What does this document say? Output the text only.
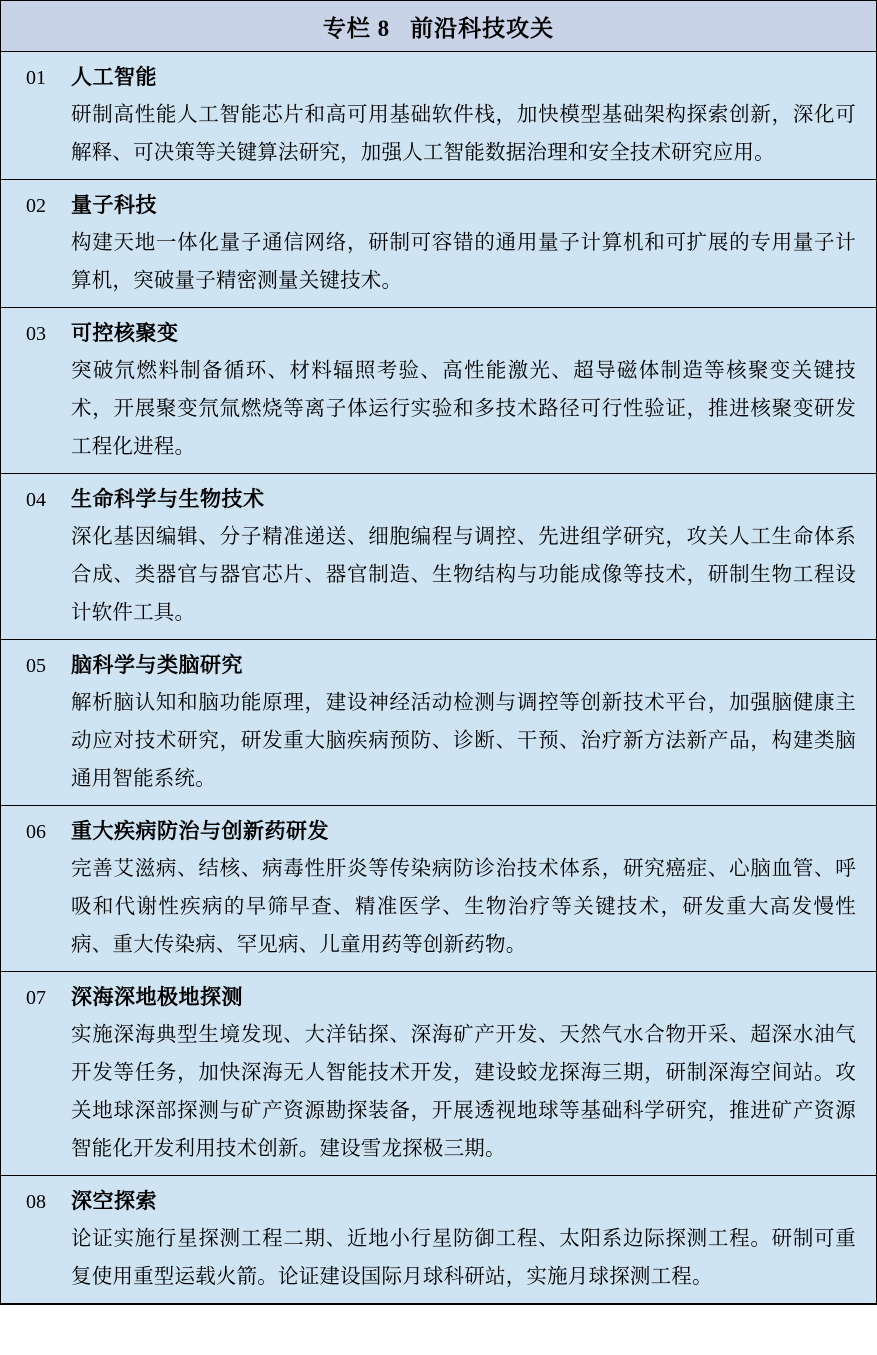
专栏 8 前沿科技攻关
01	人工智能
研制高性能人工智能芯片和高可用基础软件栈，加快模型基础架构探索创新，深化可解释、可决策等关键算法研究，加强人工智能数据治理和安全技术研究应用。
02	量子科技
构建天地一体化量子通信网络，研制可容错的通用量子计算机和可扩展的专用量子计算机，突破量子精密测量关键技术。
03	可控核聚变
突破氘燃料制备循环、材料辐照考验、高性能激光、超导磁体制造等核聚变关键技术，开展聚变氘氚燃烧等离子体运行实验和多技术路径可行性验证，推进核聚变研发工程化进程。
04	生命科学与生物技术
深化基因编辑、分子精准递送、细胞编程与调控、先进组学研究，攻关人工生命体系合成、类器官与器官芯片、器官制造、生物结构与功能成像等技术，研制生物工程设计软件工具。
05	脑科学与类脑研究
解析脑认知和脑功能原理，建设神经活动检测与调控等创新技术平台，加强脑健康主动应对技术研究，研发重大脑疾病预防、诊断、干预、治疗新方法新产品，构建类脑通用智能系统。
06	重大疾病防治与创新药研发
完善艾滋病、结核、病毒性肝炎等传染病防诊治技术体系，研究癌症、心脑血管、呼吸和代谢性疾病的早筛早查、精准医学、生物治疗等关键技术，研发重大高发慢性病、重大传染病、罕见病、儿童用药等创新药物。
07	深海深地极地探测
实施深海典型生境发现、大洋钻探、深海矿产开发、天然气水合物开采、超深水油气开发等任务，加快深海无人智能技术开发，建设蛟龙探海三期，研制深海空间站。攻关地球深部探测与矿产资源勘探装备，开展透视地球等基础科学研究，推进矿产资源智能化开发利用技术创新。建设雪龙探极三期。
08	深空探索
论证实施行星探测工程二期、近地小行星防御工程、太阳系边际探测工程。研制可重复使用重型运载火箭。论证建设国际月球科研站，实施月球探测工程。
